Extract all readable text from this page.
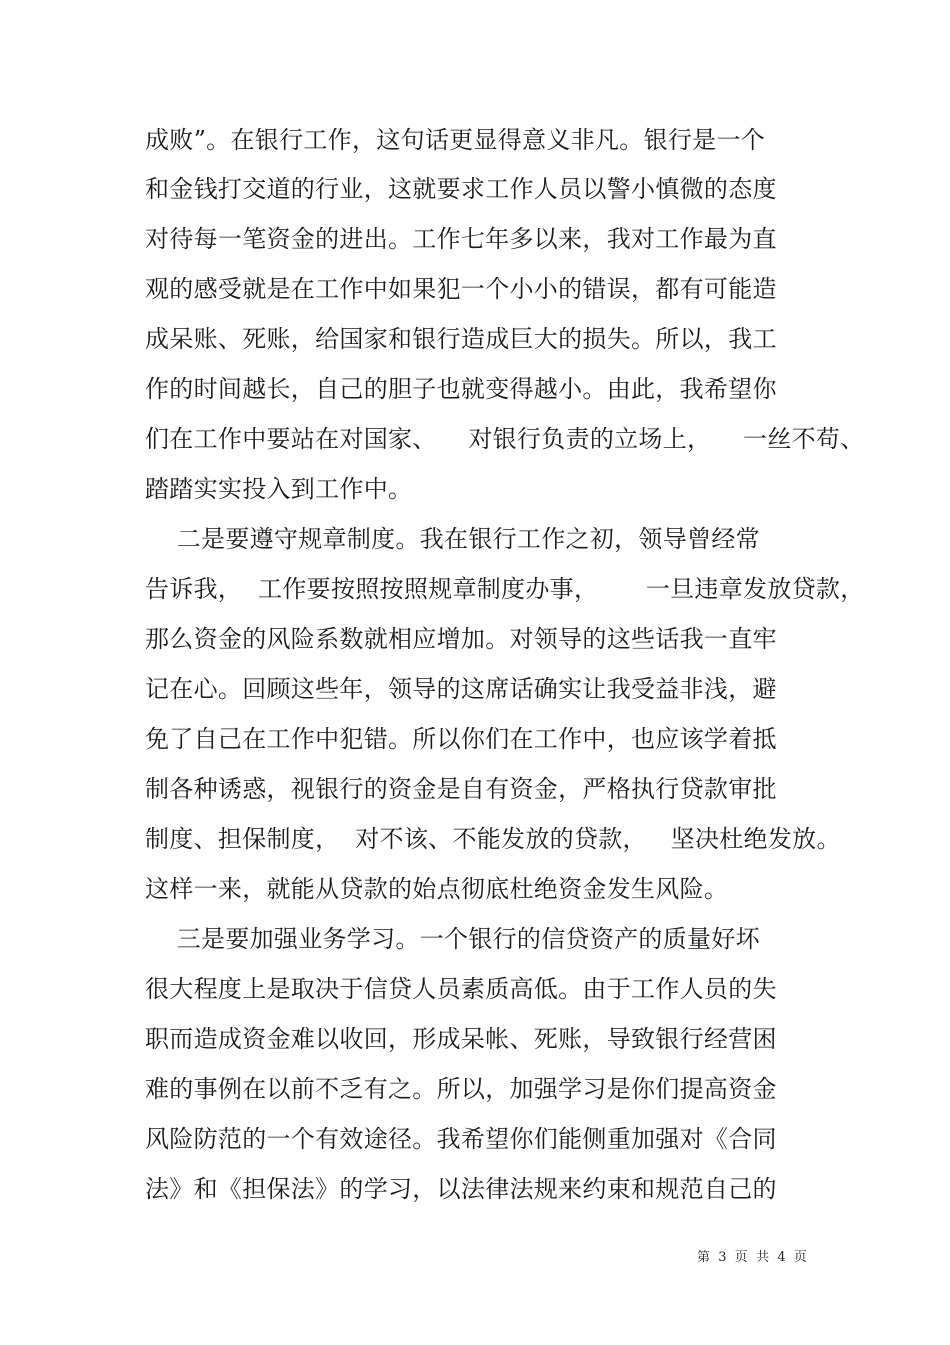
成败”。在银行工作，这句话更显得意义非凡。银行是一个
和金钱打交道的行业，这就要求工作人员以警小慎微的态度
对待每一笔资金的进出。工作七年多以来，我对工作最为直
观的感受就是在工作中如果犯一个小小的错误，都有可能造
成呆账、死账，给国家和银行造成巨大的损失。所以，我工
作的时间越长，自己的胆子也就变得越小。由此，我希望你
们在工作中要站在对国家、    对银行负责的立场上，    一丝不苟、
踏踏实实投入到工作中。
二是要遵守规章制度。我在银行工作之初，领导曾经常
告诉我，  工作要按照按照规章制度办事，      一旦违章发放贷款，
那么资金的风险系数就相应增加。对领导的这些话我一直牢
记在心。回顾这些年，领导的这席话确实让我受益非浅，避
免了自己在工作中犯错。所以你们在工作中，也应该学着抵
制各种诱惑，视银行的资金是自有资金，严格执行贷款审批
制度、担保制度，  对不该、不能发放的贷款，   坚决杜绝发放。
这样一来，就能从贷款的始点彻底杜绝资金发生风险。
三是要加强业务学习。一个银行的信贷资产的质量好坏
很大程度上是取决于信贷人员素质高低。由于工作人员的失
职而造成资金难以收回，形成呆帐、死账，导致银行经营困
难的事例在以前不乏有之。所以，加强学习是你们提高资金
风险防范的一个有效途径。我希望你们能侧重加强对《合同
法》和《担保法》的学习，以法律法规来约束和规范自己的
第  3  页  共  4  页
